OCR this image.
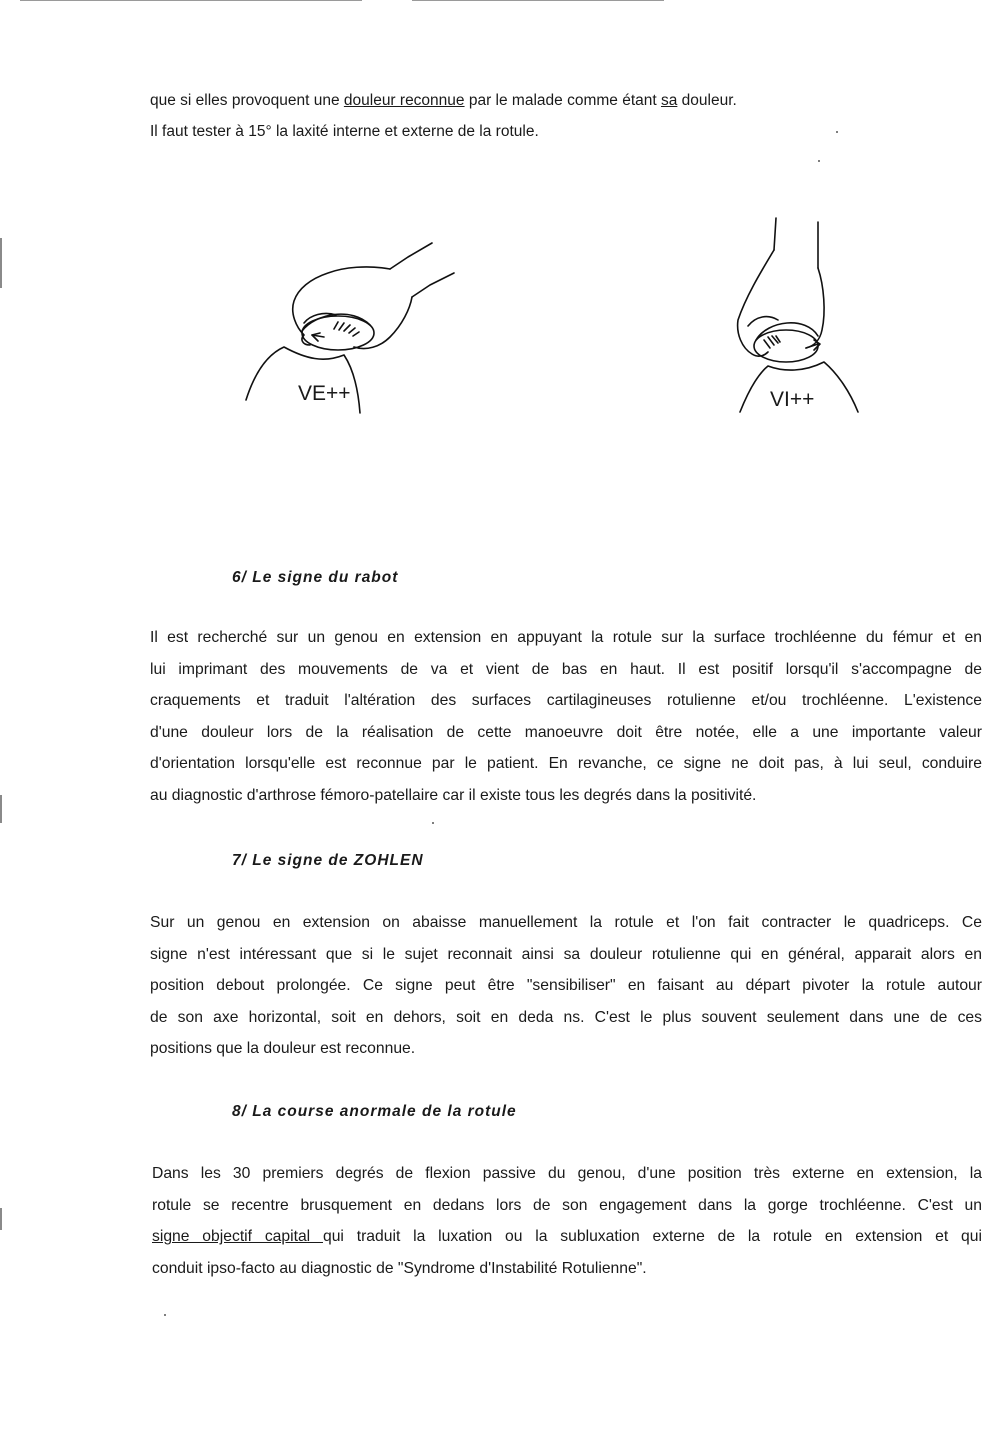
que si elles provoquent une douleur reconnue par le malade comme étant sa douleur.
Il faut tester à 15° la laxité interne et externe de la rotule.
VE++	VI++
6/ Le signe du rabot
Il est recherché sur un genou en extension en appuyant la rotule sur la surface trochléenne du fémur et en
lui imprimant des mouvements de va et vient de bas en haut. Il est positif lorsqu'il s'accompagne de
craquements et traduit l'altération des surfaces cartilagineuses rotulienne et/ou trochléenne. L'existence
d'une douleur lors de la réalisation de cette manoeuvre doit être notée, elle a une importante valeur
d'orientation lorsqu'elle est reconnue par le patient. En revanche, ce signe ne doit pas, à lui seul, conduire
au diagnostic d'arthrose fémoro-patellaire car il existe tous les degrés dans la positivité.
7/ Le signe de ZOHLEN
Sur un genou en extension on abaisse manuellement la rotule et l'on fait contracter le quadriceps. Ce
signe n'est intéressant que si le sujet reconnait ainsi sa douleur rotulienne qui en général, apparait alors en
position debout prolongée. Ce signe peut être "sensibiliser" en faisant au départ pivoter la rotule autour
de son axe horizontal, soit en dehors, soit en deda ns. C'est le plus souvent seulement dans une de ces
positions que la douleur est reconnue.
8/ La course anormale de la rotule
Dans les 30 premiers degrés de flexion passive du genou, d'une position très externe en extension, la
rotule se recentre brusquement en dedans lors de son engagement dans la gorge trochléenne. C'est un
signe objectif capital qui traduit la luxation ou la subluxation externe de la rotule en extension et qui
conduit ipso-facto au diagnostic de "Syndrome d'Instabilité Rotulienne".
